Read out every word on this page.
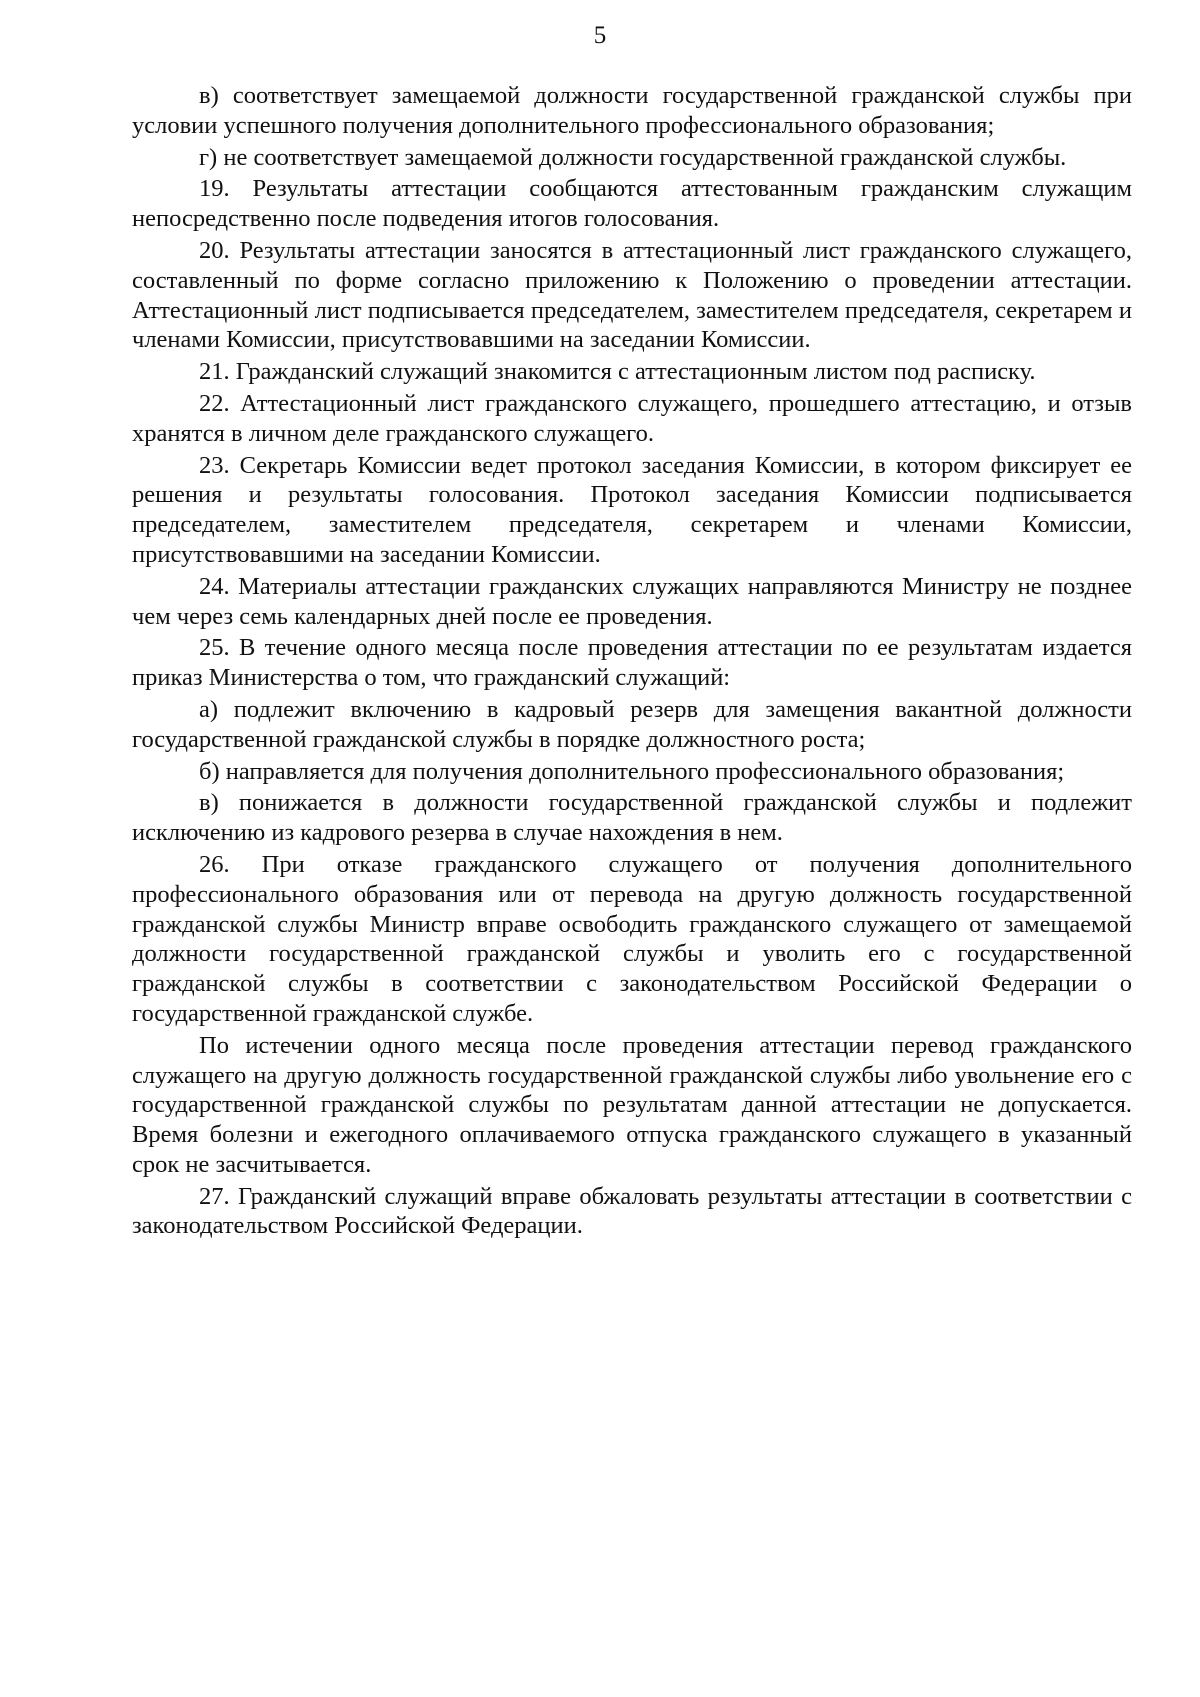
5

в) соответствует замещаемой должности государственной гражданской службы при условии успешного получения дополнительного профессионального образования;

г) не соответствует замещаемой должности государственной гражданской службы.

19. Результаты аттестации сообщаются аттестованным гражданским служащим непосредственно после подведения итогов голосования.

20. Результаты аттестации заносятся в аттестационный лист гражданского служащего, составленный по форме согласно приложению к Положению о проведении аттестации. Аттестационный лист подписывается председателем, заместителем председателя, секретарем и членами Комиссии, присутствовавшими на заседании Комиссии.

21. Гражданский служащий знакомится с аттестационным листом под расписку.

22. Аттестационный лист гражданского служащего, прошедшего аттестацию, и отзыв хранятся в личном деле гражданского служащего.

23. Секретарь Комиссии ведет протокол заседания Комиссии, в котором фиксирует ее решения и результаты голосования. Протокол заседания Комиссии подписывается председателем, заместителем председателя, секретарем и членами Комиссии, присутствовавшими на заседании Комиссии.

24. Материалы аттестации гражданских служащих направляются Министру не позднее чем через семь календарных дней после ее проведения.

25. В течение одного месяца после проведения аттестации по ее результатам издается приказ Министерства о том, что гражданский служащий:

а) подлежит включению в кадровый резерв для замещения вакантной должности государственной гражданской службы в порядке должностного роста;

б) направляется для получения дополнительного профессионального образования;

в) понижается в должности государственной гражданской службы и подлежит исключению из кадрового резерва в случае нахождения в нем.

26. При отказе гражданского служащего от получения дополнительного профессионального образования или от перевода на другую должность государственной гражданской службы Министр вправе освободить гражданского служащего от замещаемой должности государственной гражданской службы и уволить его с государственной гражданской службы в соответствии с законодательством Российской Федерации о государственной гражданской службе.

По истечении одного месяца после проведения аттестации перевод гражданского служащего на другую должность государственной гражданской службы либо увольнение его с государственной гражданской службы по результатам данной аттестации не допускается. Время болезни и ежегодного оплачиваемого отпуска гражданского служащего в указанный срок не засчитывается.

27. Гражданский служащий вправе обжаловать результаты аттестации в соответствии с законодательством Российской Федерации.
